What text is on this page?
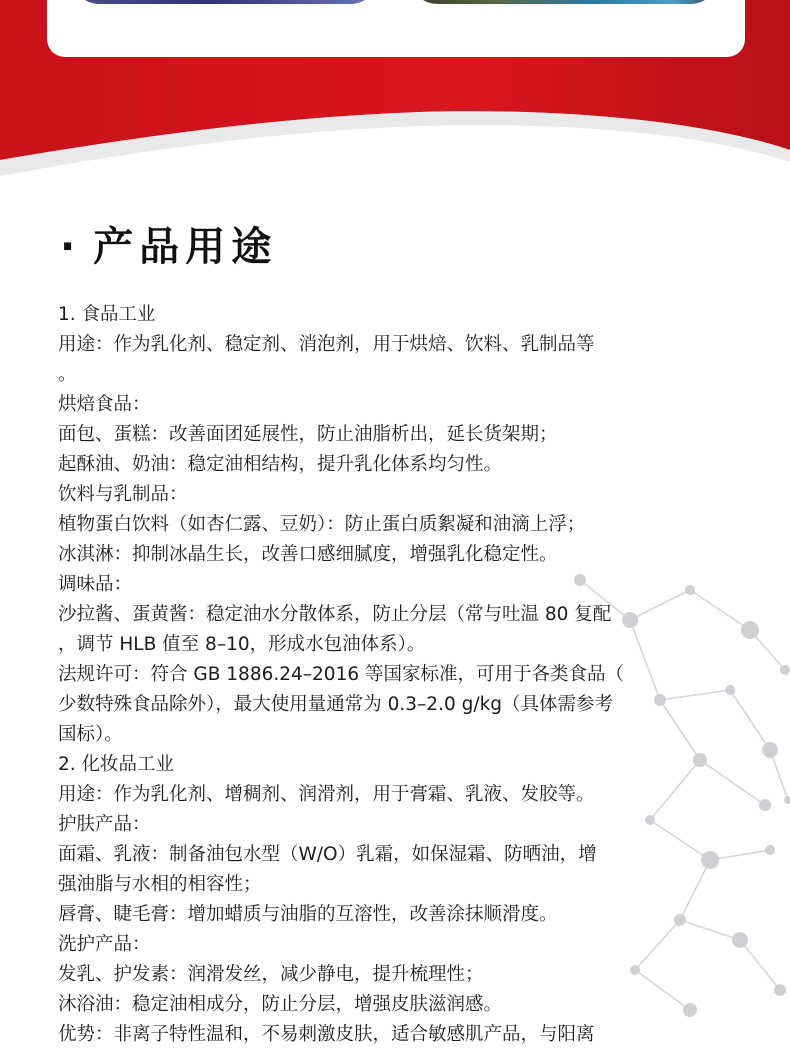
· 产品用途

1. 食品工业

用途：作为乳化剂、稳定剂、消泡剂，用于烘焙、饮料、乳制品等

。

烘焙食品：

面包、蛋糕：改善面团延展性，防止油脂析出，延长货架期；

起酥油、奶油：稳定油相结构，提升乳化体系均匀性。

饮料与乳制品：

植物蛋白饮料（如杏仁露、豆奶）：防止蛋白质絮凝和油滴上浮；

冰淇淋：抑制冰晶生长，改善口感细腻度，增强乳化稳定性。

调味品：

沙拉酱、蛋黄酱：稳定油水分散体系，防止分层（常与吐温 80 复配

，调节 HLB 值至 8–10，形成水包油体系）。

法规许可：符合 GB 1886.24–2016 等国家标准，可用于各类食品（

少数特殊食品除外），最大使用量通常为 0.3–2.0 g/kg（具体需参考

国标）。

2. 化妆品工业

用途：作为乳化剂、增稠剂、润滑剂，用于膏霜、乳液、发胶等。

护肤产品：

面霜、乳液：制备油包水型（W/O）乳霜，如保湿霜、防晒油，增

强油脂与水相的相容性；

唇膏、睫毛膏：增加蜡质与油脂的互溶性，改善涂抹顺滑度。

洗护产品：

发乳、护发素：润滑发丝，减少静电，提升梳理性；

沐浴油：稳定油相成分，防止分层，增强皮肤滋润感。

优势：非离子特性温和，不易刺激皮肤，适合敏感肌产品，与阳离
